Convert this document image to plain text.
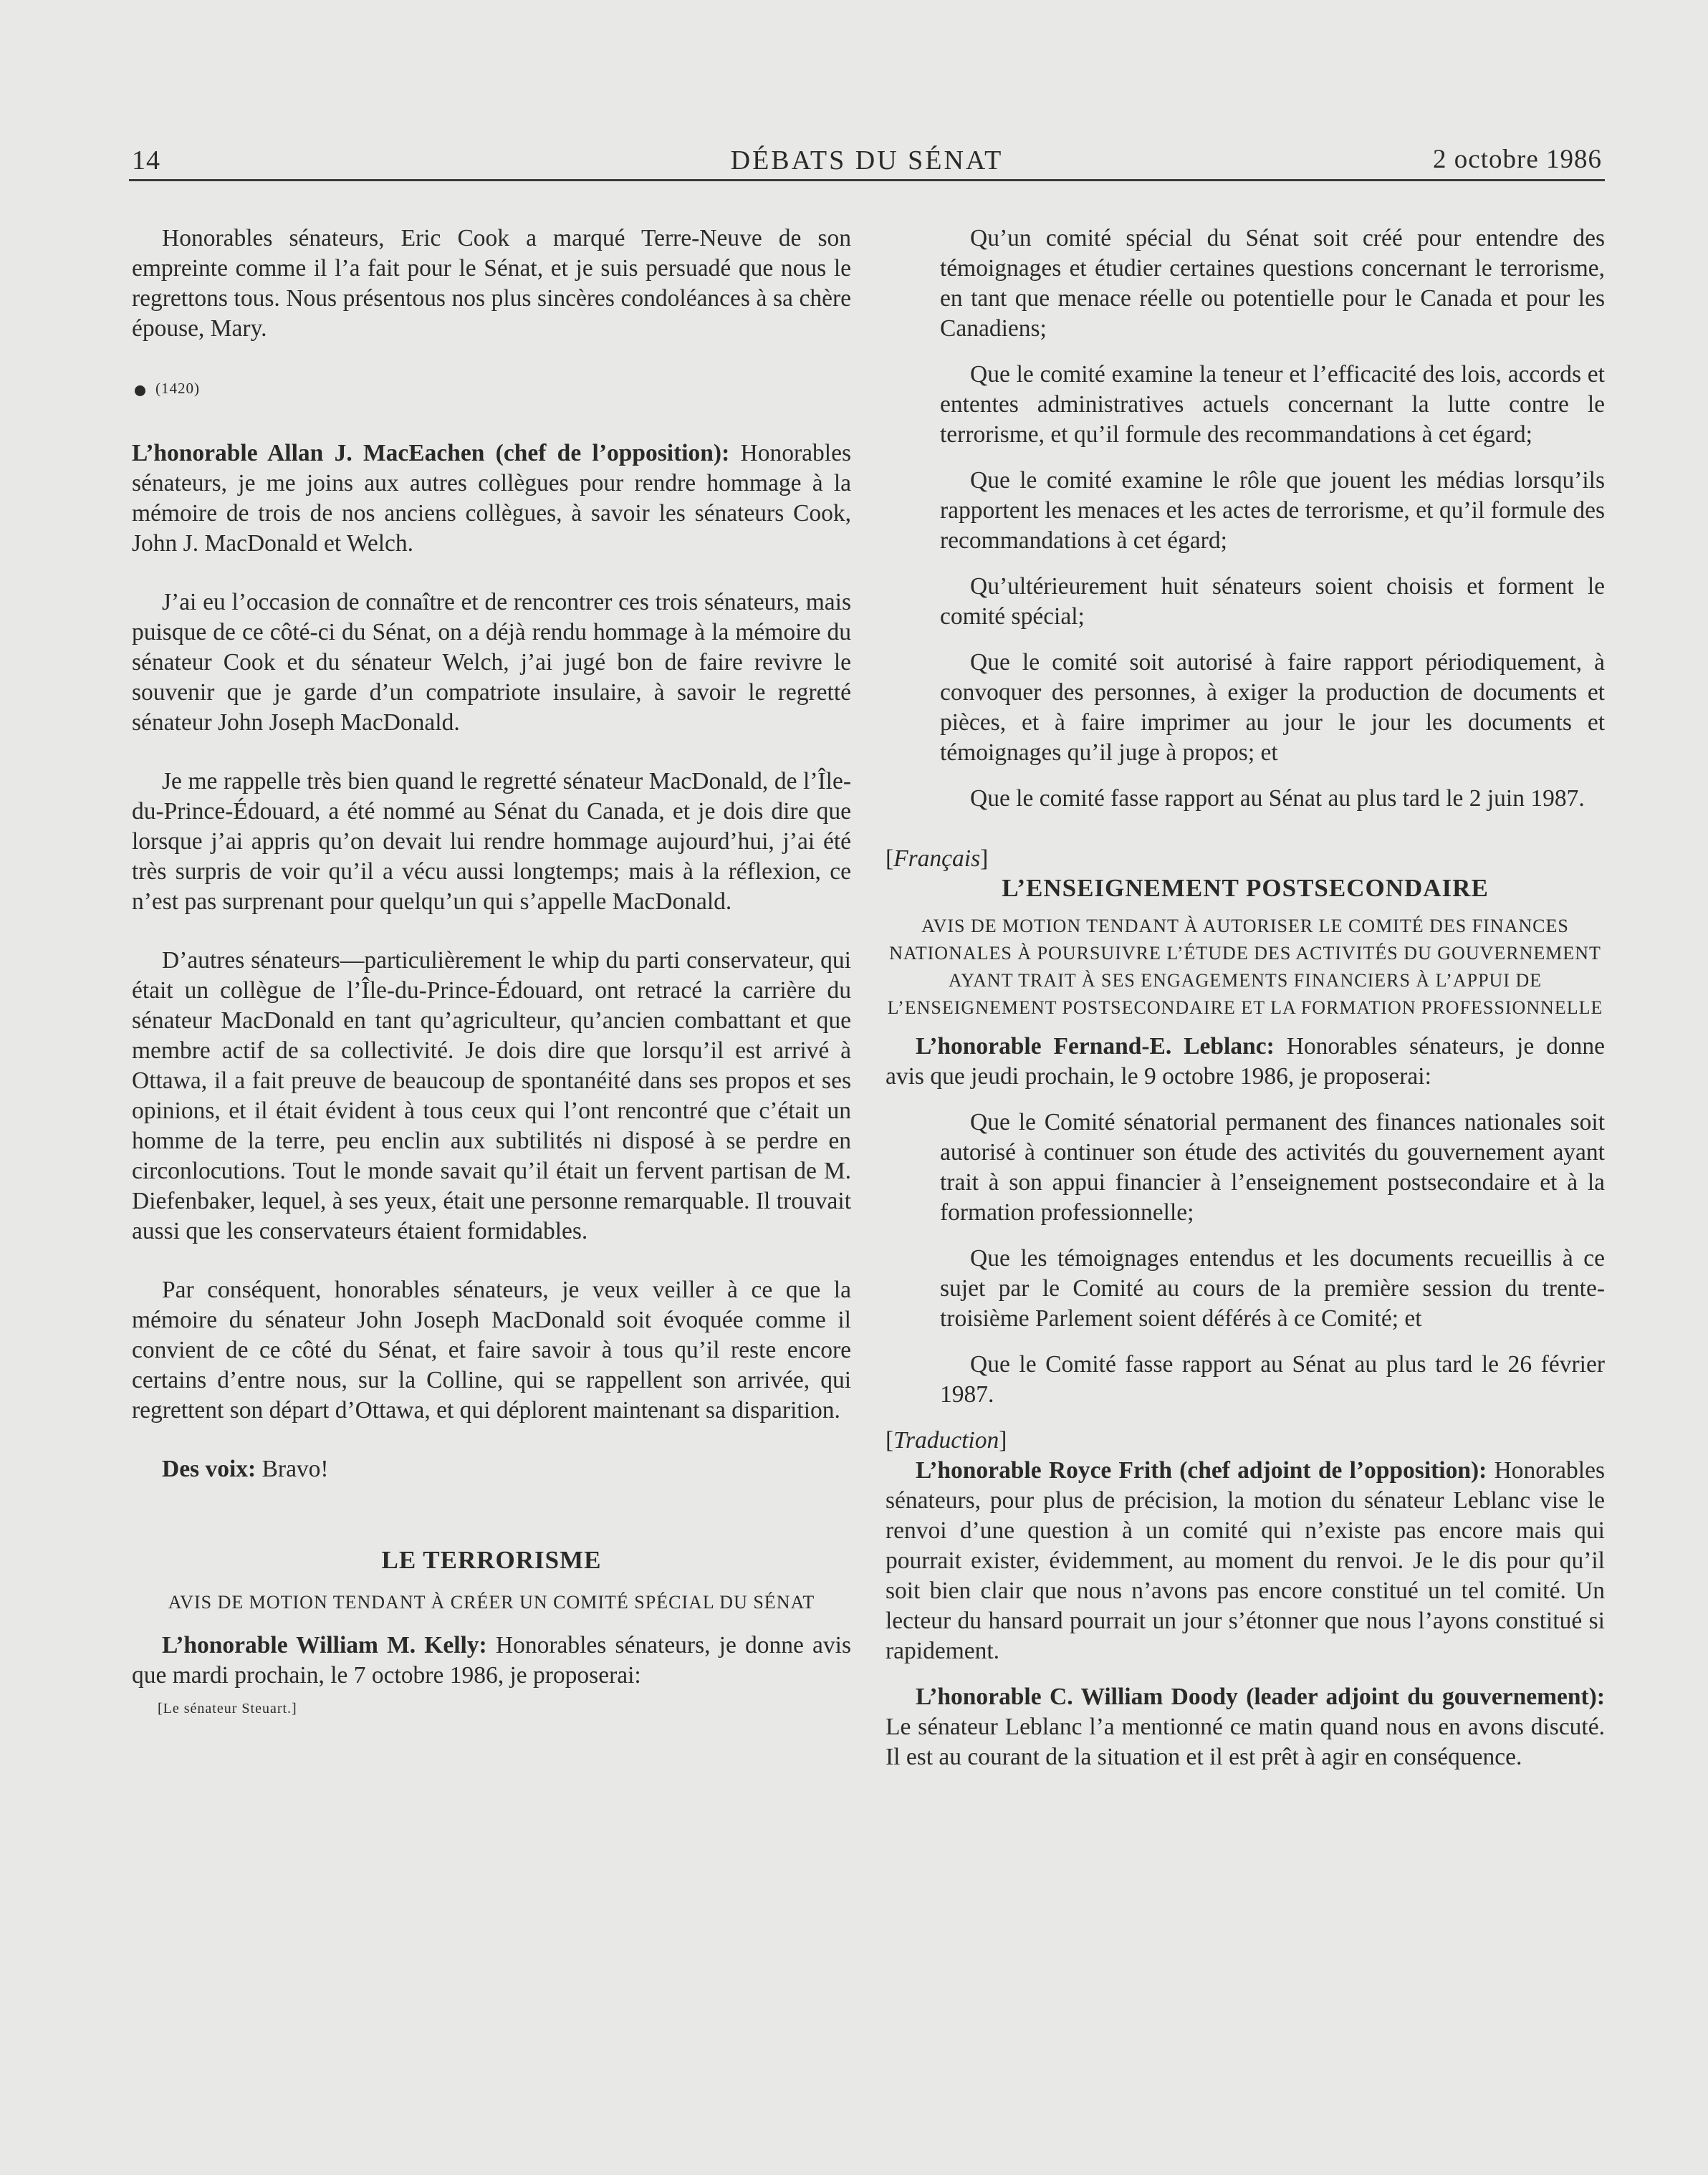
14	DÉBATS DU SÉNAT	2 octobre 1986

Honorables sénateurs, Eric Cook a marqué Terre-Neuve de son empreinte comme il l’a fait pour le Sénat, et je suis persuadé que nous le regrettons tous. Nous présentous nos plus sincères condoléances à sa chère épouse, Mary.

(1420)

L’honorable Allan J. MacEachen (chef de l’opposition): Honorables sénateurs, je me joins aux autres collègues pour rendre hommage à la mémoire de trois de nos anciens collègues, à savoir les sénateurs Cook, John J. MacDonald et Welch.

J’ai eu l’occasion de connaître et de rencontrer ces trois sénateurs, mais puisque de ce côté-ci du Sénat, on a déjà rendu hommage à la mémoire du sénateur Cook et du sénateur Welch, j’ai jugé bon de faire revivre le souvenir que je garde d’un compatriote insulaire, à savoir le regretté sénateur John Joseph MacDonald.

Je me rappelle très bien quand le regretté sénateur MacDonald, de l’Île-du-Prince-Édouard, a été nommé au Sénat du Canada, et je dois dire que lorsque j’ai appris qu’on devait lui rendre hommage aujourd’hui, j’ai été très surpris de voir qu’il a vécu aussi longtemps; mais à la réflexion, ce n’est pas surprenant pour quelqu’un qui s’appelle MacDonald.

D’autres sénateurs—particulièrement le whip du parti conservateur, qui était un collègue de l’Île-du-Prince-Édouard, ont retracé la carrière du sénateur MacDonald en tant qu’agriculteur, qu’ancien combattant et que membre actif de sa collectivité. Je dois dire que lorsqu’il est arrivé à Ottawa, il a fait preuve de beaucoup de spontanéité dans ses propos et ses opinions, et il était évident à tous ceux qui l’ont rencontré que c’était un homme de la terre, peu enclin aux subtilités ni disposé à se perdre en circonlocutions. Tout le monde savait qu’il était un fervent partisan de M. Diefenbaker, lequel, à ses yeux, était une personne remarquable. Il trouvait aussi que les conservateurs étaient formidables.

Par conséquent, honorables sénateurs, je veux veiller à ce que la mémoire du sénateur John Joseph MacDonald soit évoquée comme il convient de ce côté du Sénat, et faire savoir à tous qu’il reste encore certains d’entre nous, sur la Colline, qui se rappellent son arrivée, qui regrettent son départ d’Ottawa, et qui déplorent maintenant sa disparition.

Des voix: Bravo!

LE TERRORISME
AVIS DE MOTION TENDANT À CRÉER UN COMITÉ SPÉCIAL DU SÉNAT

L’honorable William M. Kelly: Honorables sénateurs, je donne avis que mardi prochain, le 7 octobre 1986, je proposerai:

[Le sénateur Steuart.]

Qu’un comité spécial du Sénat soit créé pour entendre des témoignages et étudier certaines questions concernant le terrorisme, en tant que menace réelle ou potentielle pour le Canada et pour les Canadiens;

Que le comité examine la teneur et l’efficacité des lois, accords et ententes administratives actuels concernant la lutte contre le terrorisme, et qu’il formule des recommandations à cet égard;

Que le comité examine le rôle que jouent les médias lorsqu’ils rapportent les menaces et les actes de terrorisme, et qu’il formule des recommandations à cet égard;

Qu’ultérieurement huit sénateurs soient choisis et forment le comité spécial;

Que le comité soit autorisé à faire rapport périodiquement, à convoquer des personnes, à exiger la production de documents et pièces, et à faire imprimer au jour le jour les documents et témoignages qu’il juge à propos; et

Que le comité fasse rapport au Sénat au plus tard le 2 juin 1987.

[Français]
L’ENSEIGNEMENT POSTSECONDAIRE
AVIS DE MOTION TENDANT À AUTORISER LE COMITÉ DES FINANCES NATIONALES À POURSUIVRE L’ÉTUDE DES ACTIVITÉS DU GOUVERNEMENT AYANT TRAIT À SES ENGAGEMENTS FINANCIERS À L’APPUI DE L’ENSEIGNEMENT POSTSECONDAIRE ET LA FORMATION PROFESSIONNELLE

L’honorable Fernand-E. Leblanc: Honorables sénateurs, je donne avis que jeudi prochain, le 9 octobre 1986, je proposerai:

Que le Comité sénatorial permanent des finances nationales soit autorisé à continuer son étude des activités du gouvernement ayant trait à son appui financier à l’enseignement postsecondaire et à la formation professionnelle;

Que les témoignages entendus et les documents recueillis à ce sujet par le Comité au cours de la première session du trente-troisième Parlement soient déférés à ce Comité; et

Que le Comité fasse rapport au Sénat au plus tard le 26 février 1987.

[Traduction]

L’honorable Royce Frith (chef adjoint de l’opposition): Honorables sénateurs, pour plus de précision, la motion du sénateur Leblanc vise le renvoi d’une question à un comité qui n’existe pas encore mais qui pourrait exister, évidemment, au moment du renvoi. Je le dis pour qu’il soit bien clair que nous n’avons pas encore constitué un tel comité. Un lecteur du hansard pourrait un jour s’étonner que nous l’ayons constitué si rapidement.

L’honorable C. William Doody (leader adjoint du gouvernement): Le sénateur Leblanc l’a mentionné ce matin quand nous en avons discuté. Il est au courant de la situation et il est prêt à agir en conséquence.
